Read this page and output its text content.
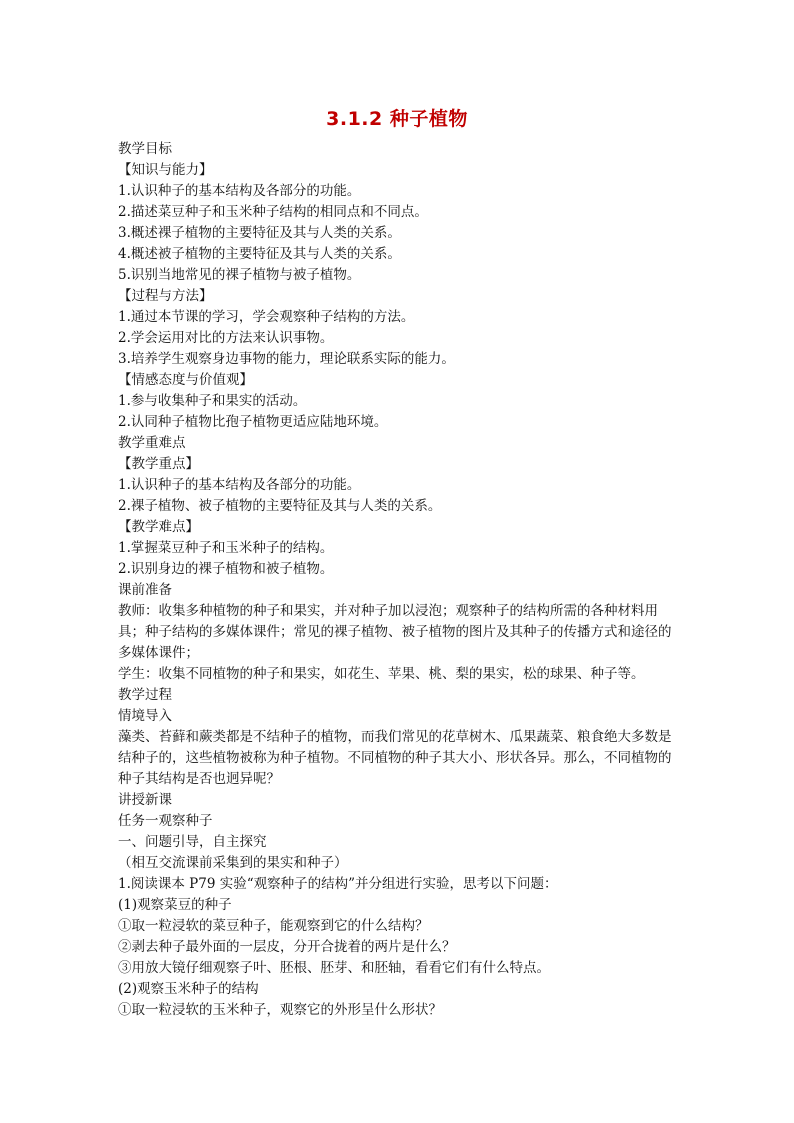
3.1.2 种子植物
教学目标
【知识与能力】
1.认识种子的基本结构及各部分的功能。
2.描述菜豆种子和玉米种子结构的相同点和不同点。
3.概述裸子植物的主要特征及其与人类的关系。
4.概述被子植物的主要特征及其与人类的关系。
5.识别当地常见的裸子植物与被子植物。
【过程与方法】
1.通过本节课的学习，学会观察种子结构的方法。
2.学会运用对比的方法来认识事物。
3.培养学生观察身边事物的能力，理论联系实际的能力。
【情感态度与价值观】
1.参与收集种子和果实的活动。
2.认同种子植物比孢子植物更适应陆地环境。
教学重难点
【教学重点】
1.认识种子的基本结构及各部分的功能。
2.裸子植物、被子植物的主要特征及其与人类的关系。
【教学难点】
1.掌握菜豆种子和玉米种子的结构。
2.识别身边的裸子植物和被子植物。
课前准备
教师：收集多种植物的种子和果实，并对种子加以浸泡；观察种子的结构所需的各种材料用具；种子结构的多媒体课件；常见的裸子植物、被子植物的图片及其种子的传播方式和途径的多媒体课件；
学生：收集不同植物的种子和果实，如花生、苹果、桃、梨的果实，松的球果、种子等。
教学过程
情境导入
藻类、苔藓和蕨类都是不结种子的植物，而我们常见的花草树木、瓜果蔬菜、粮食绝大多数是结种子的，这些植物被称为种子植物。不同植物的种子其大小、形状各异。那么，不同植物的种子其结构是否也迥异呢？
讲授新课
任务一观察种子
一、问题引导，自主探究
（相互交流课前采集到的果实和种子）
1.阅读课本 P79 实验“观察种子的结构”并分组进行实验，思考以下问题：
(1)观察菜豆的种子
①取一粒浸软的菜豆种子，能观察到它的什么结构？
②剥去种子最外面的一层皮，分开合拢着的两片是什么？
③用放大镜仔细观察子叶、胚根、胚芽、和胚轴，看看它们有什么特点。
(2)观察玉米种子的结构
①取一粒浸软的玉米种子，观察它的外形呈什么形状？
